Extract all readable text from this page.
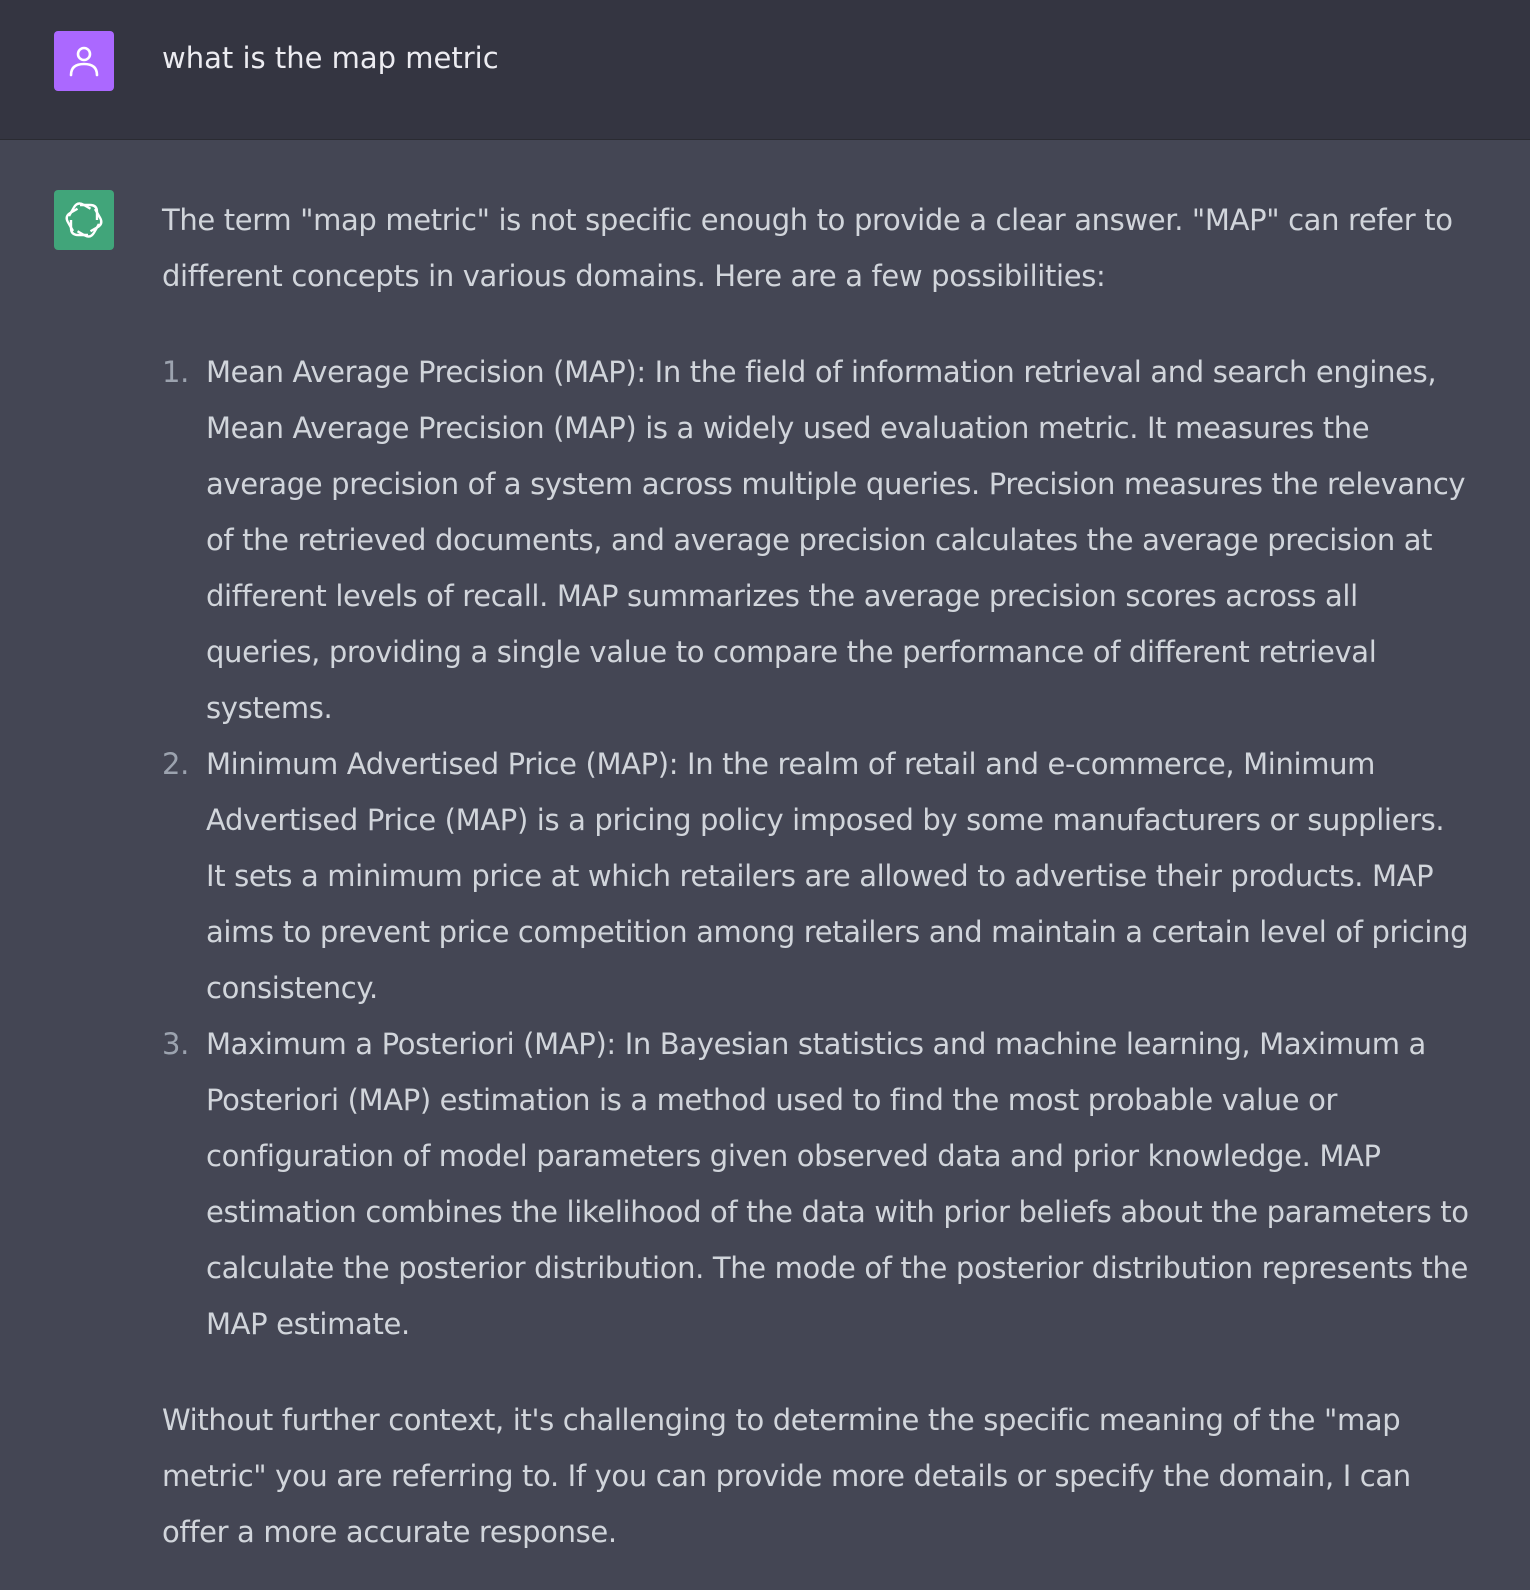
what is the map metric

The term "map metric" is not specific enough to provide a clear answer. "MAP" can refer to different concepts in various domains. Here are a few possibilities:

1. Mean Average Precision (MAP): In the field of information retrieval and search engines, Mean Average Precision (MAP) is a widely used evaluation metric. It measures the average precision of a system across multiple queries. Precision measures the relevancy of the retrieved documents, and average precision calculates the average precision at different levels of recall. MAP summarizes the average precision scores across all queries, providing a single value to compare the performance of different retrieval systems.
2. Minimum Advertised Price (MAP): In the realm of retail and e-commerce, Minimum Advertised Price (MAP) is a pricing policy imposed by some manufacturers or suppliers. It sets a minimum price at which retailers are allowed to advertise their products. MAP aims to prevent price competition among retailers and maintain a certain level of pricing consistency.
3. Maximum a Posteriori (MAP): In Bayesian statistics and machine learning, Maximum a Posteriori (MAP) estimation is a method used to find the most probable value or configuration of model parameters given observed data and prior knowledge. MAP estimation combines the likelihood of the data with prior beliefs about the parameters to calculate the posterior distribution. The mode of the posterior distribution represents the MAP estimate.

Without further context, it's challenging to determine the specific meaning of the "map metric" you are referring to. If you can provide more details or specify the domain, I can offer a more accurate response.
